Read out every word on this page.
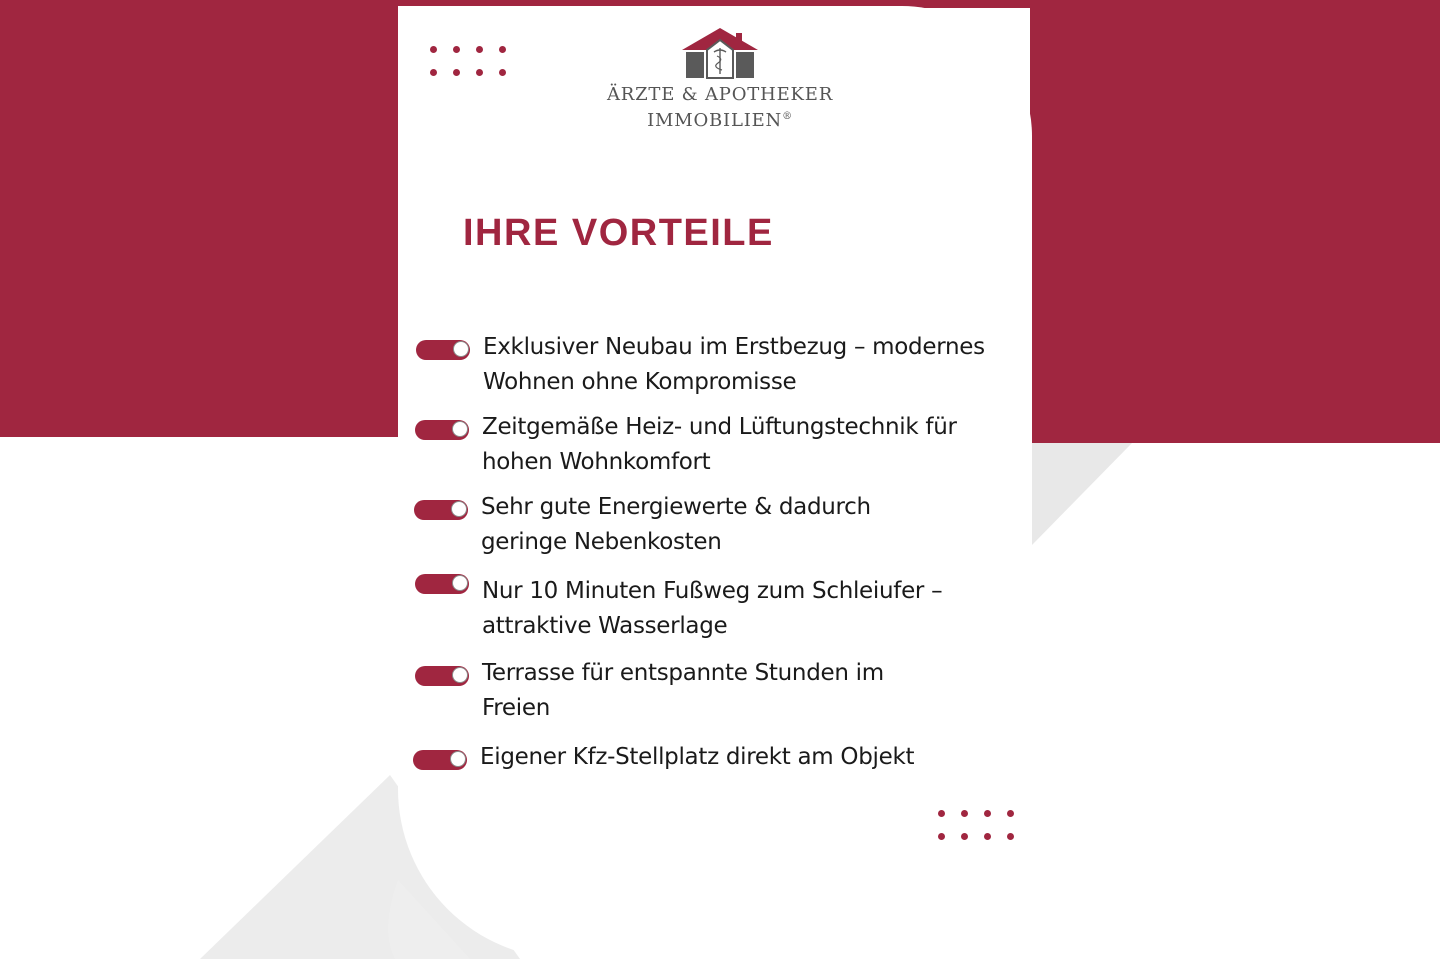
ÄRZTE & APOTHEKER
IMMOBILIEN®
IHRE VORTEILE
Exklusiver Neubau im Erstbezug – modernes Wohnen ohne Kompromisse
Zeitgemäße Heiz- und Lüftungstechnik für hohen Wohnkomfort
Sehr gute Energiewerte & dadurch geringe Nebenkosten
Nur 10 Minuten Fußweg zum Schleiufer – attraktive Wasserlage
Terrasse für entspannte Stunden im Freien
Eigener Kfz-Stellplatz direkt am Objekt
